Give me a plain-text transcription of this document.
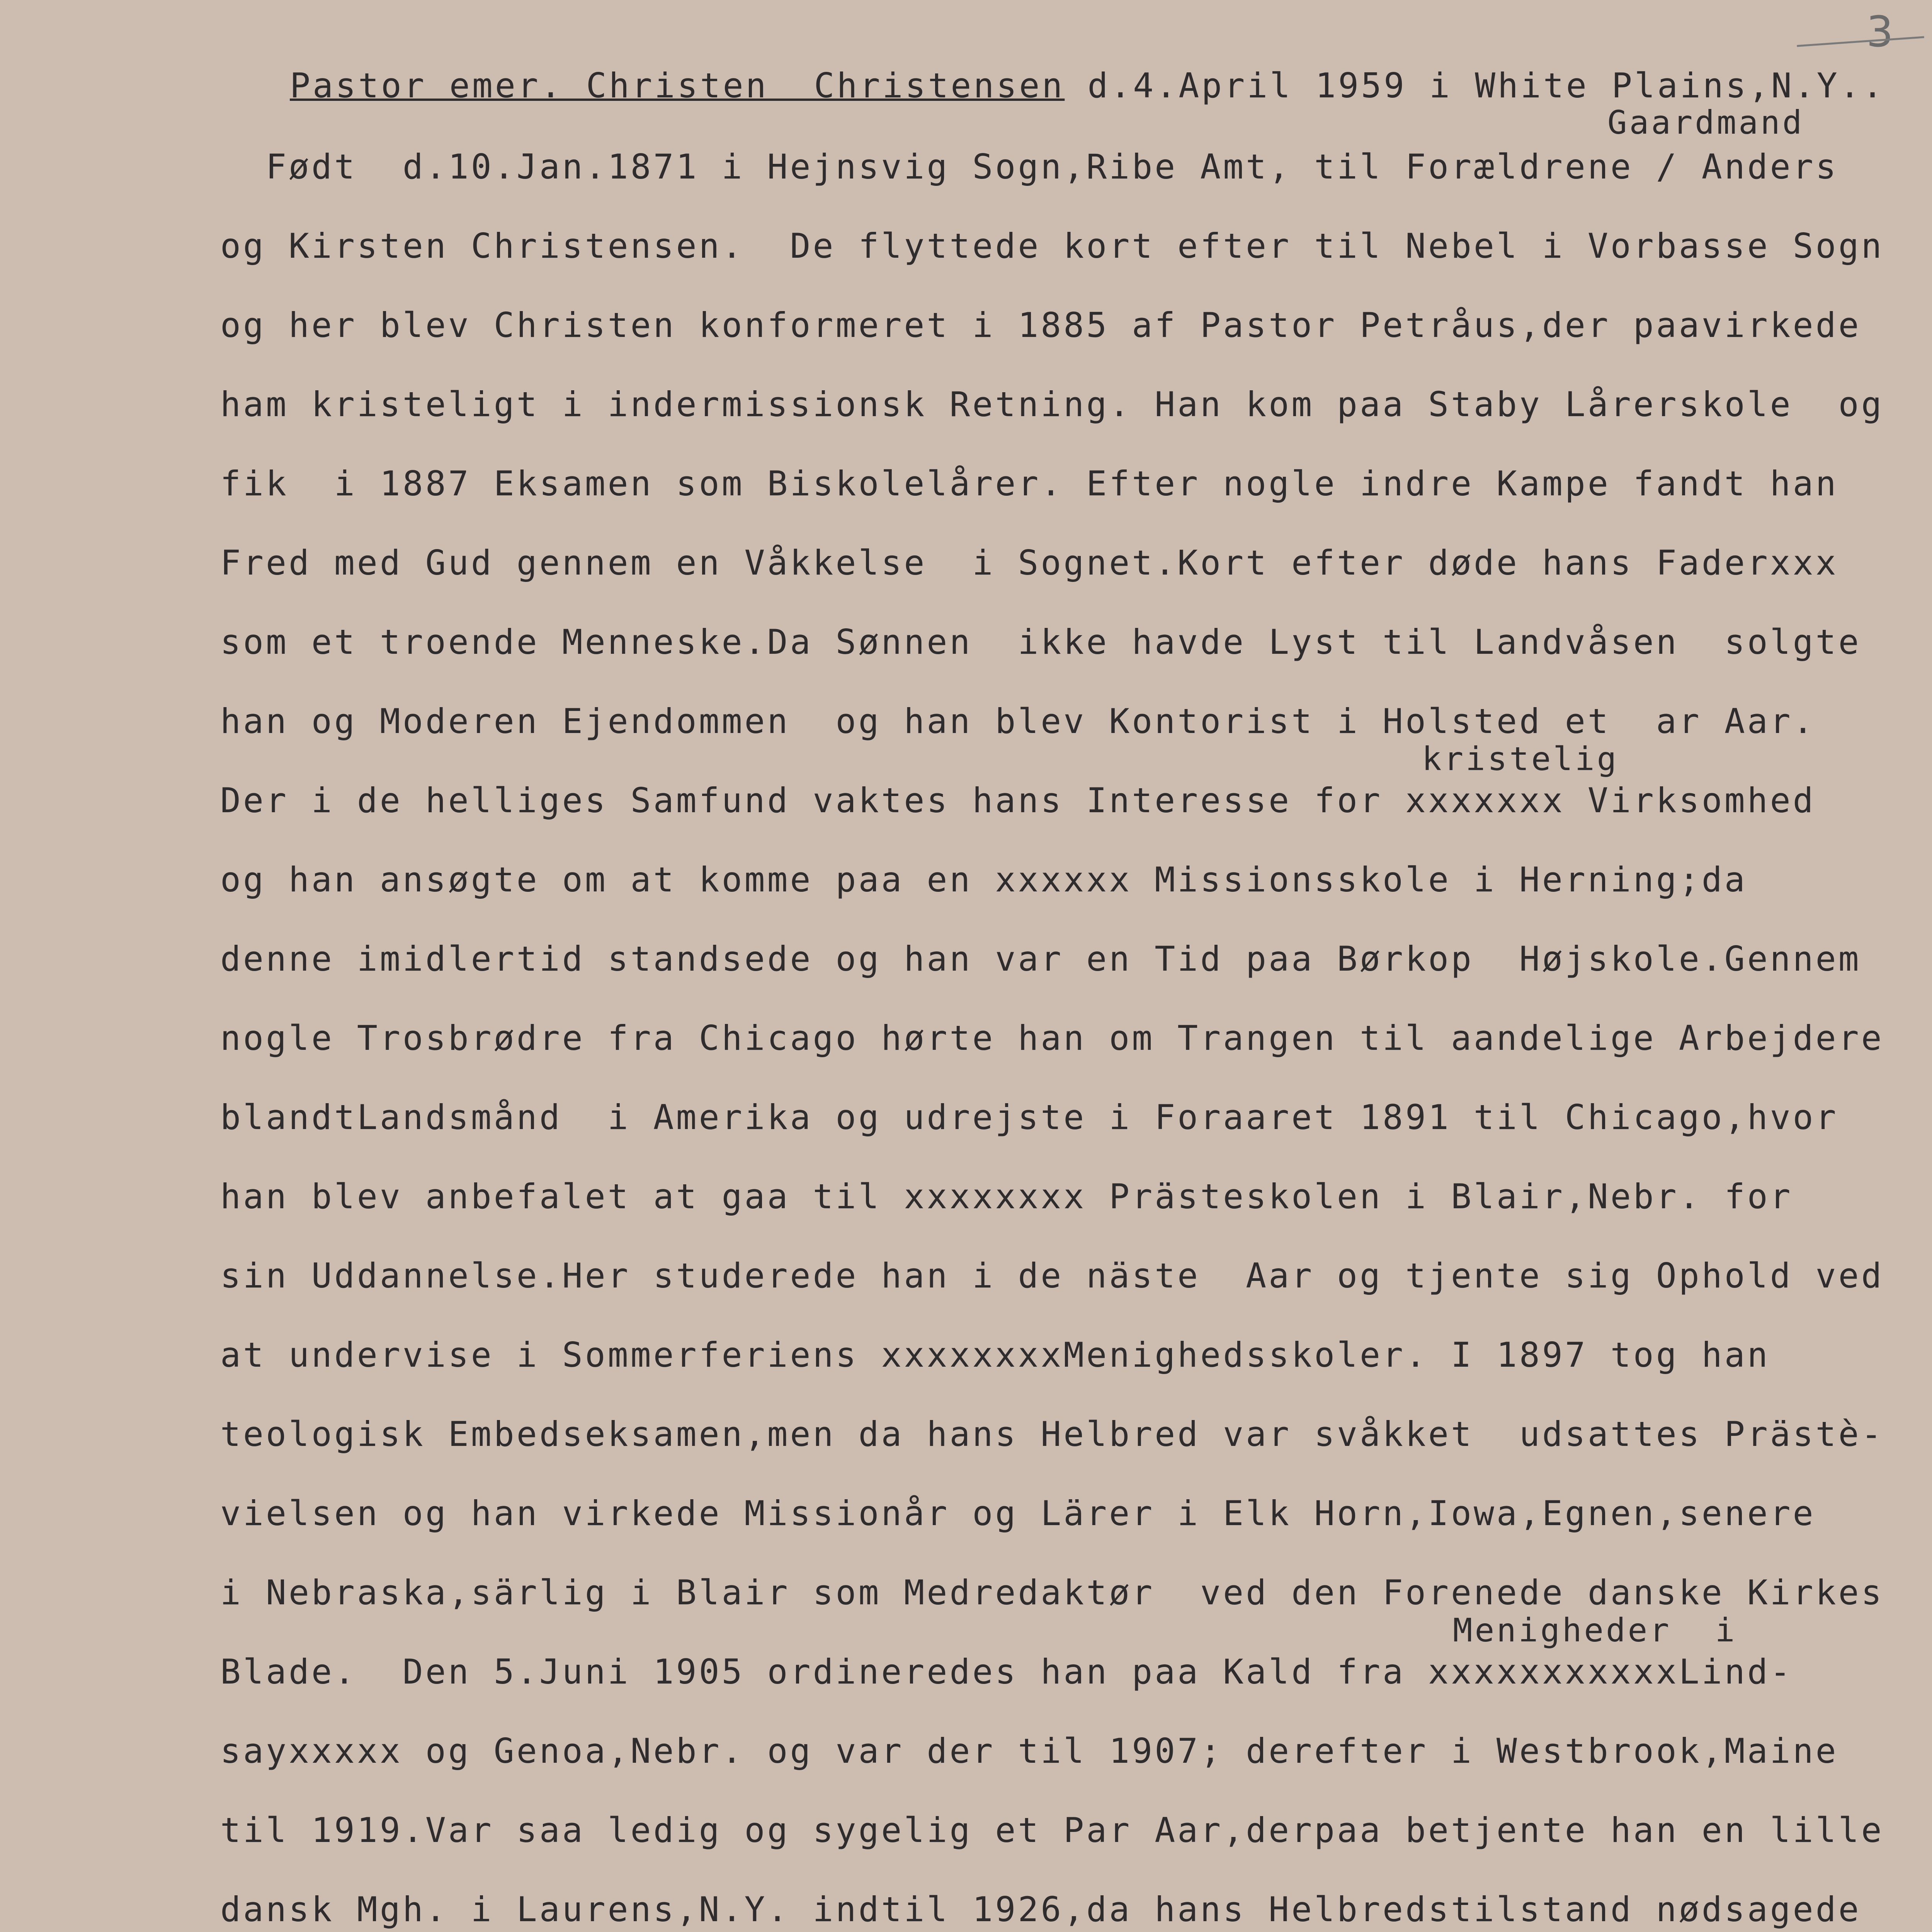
3
Pastor emer. Christen  Christensen d.4.April 1959 i White Plains,N.Y..
Gaardmand
kristelig
Menigheder  i
Født  d.10.Jan.1871 i Hejnsvig Sogn,Ribe Amt, til Forældrene / Anders
og Kirsten Christensen.  De flyttede kort efter til Nebel i Vorbasse Sogn
og her blev Christen konformeret i 1885 af Pastor Petråus,der paavirkede
ham kristeligt i indermissionsk Retning. Han kom paa Staby Lårerskole  og
fik  i 1887 Eksamen som Biskolelårer. Efter nogle indre Kampe fandt han
Fred med Gud gennem en Våkkelse  i Sognet.Kort efter døde hans Faderxxx
som et troende Menneske.Da Sønnen  ikke havde Lyst til Landvåsen  solgte
han og Moderen Ejendommen  og han blev Kontorist i Holsted et  ar Aar.
Der i de helliges Samfund vaktes hans Interesse for xxxxxxx Virksomhed
og han ansøgte om at komme paa en xxxxxx Missionsskole i Herning;da
denne imidlertid standsede og han var en Tid paa Børkop  Højskole.Gennem
nogle Trosbrødre fra Chicago hørte han om Trangen til aandelige Arbejdere
blandtLandsmånd  i Amerika og udrejste i Foraaret 1891 til Chicago,hvor
han blev anbefalet at gaa til xxxxxxxx Prästeskolen i Blair,Nebr. for
sin Uddannelse.Her studerede han i de näste  Aar og tjente sig Ophold ved
at undervise i Sommerferiens xxxxxxxxMenighedsskoler. I 1897 tog han
teologisk Embedseksamen,men da hans Helbred var svåkket  udsattes Prästè-
vielsen og han virkede Missionår og Lärer i Elk Horn,Iowa,Egnen,senere
i Nebraska,särlig i Blair som Medredaktør  ved den Forenede danske Kirkes
Blade.  Den 5.Juni 1905 ordineredes han paa Kald fra xxxxxxxxxxxLind-
sayxxxxx og Genoa,Nebr. og var der til 1907; derefter i Westbrook,Maine
til 1919.Var saa ledig og sygelig et Par Aar,derpaa betjente han en lille
dansk Mgh. i Laurens,N.Y. indtil 1926,da hans Helbredstilstand nødsagede
